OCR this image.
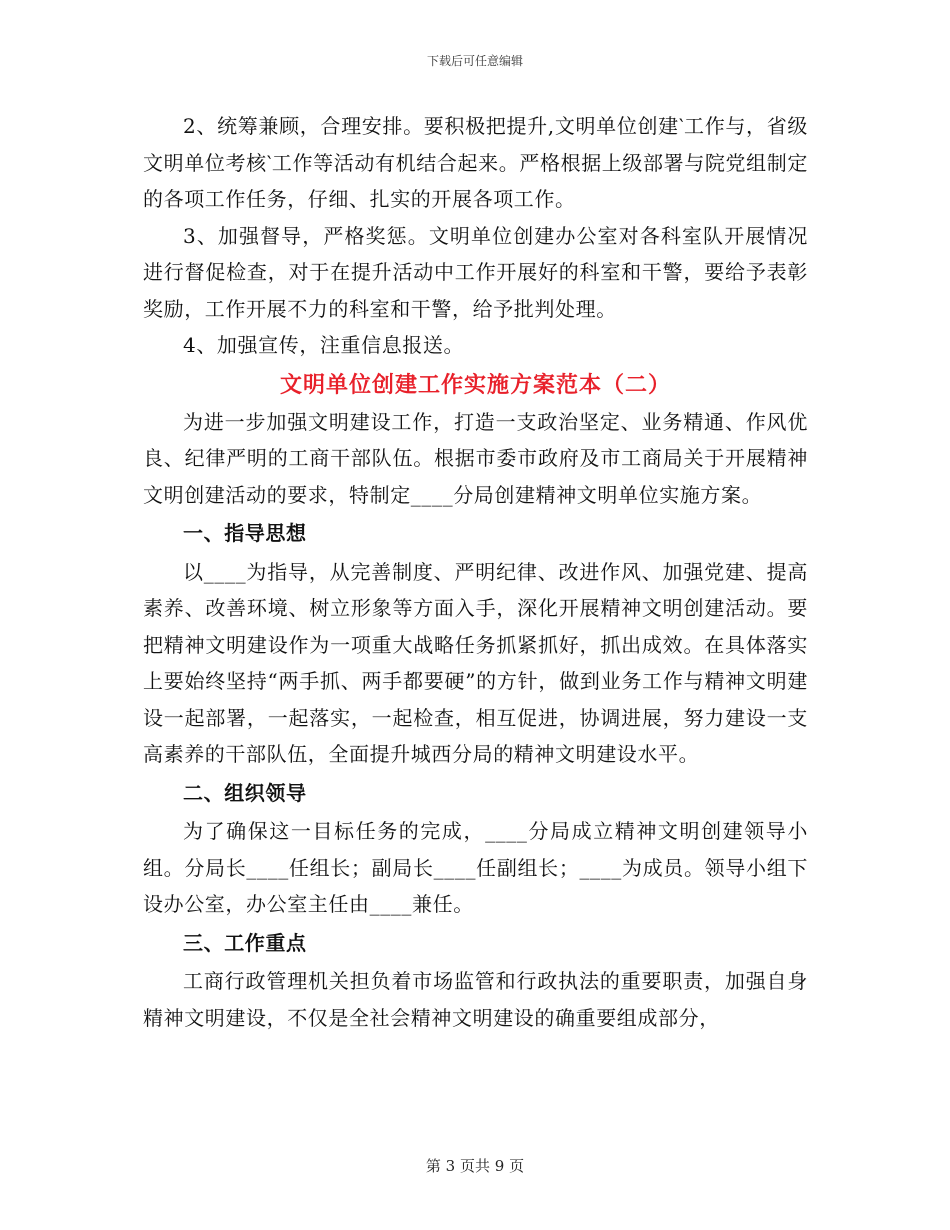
下载后可任意编辑

2、统筹兼顾，合理安排。要积极把提升,文明单位创建‵工作与，省级文明单位考核‵工作等活动有机结合起来。严格根据上级部署与院党组制定的各项工作任务，仔细、扎实的开展各项工作。

3、加强督导，严格奖惩。文明单位创建办公室对各科室队开展情况进行督促检查，对于在提升活动中工作开展好的科室和干警，要给予表彰奖励，工作开展不力的科室和干警，给予批判处理。

4、加强宣传，注重信息报送。

文明单位创建工作实施方案范本（二）

为进一步加强文明建设工作，打造一支政治坚定、业务精通、作风优良、纪律严明的工商干部队伍。根据市委市政府及市工商局关于开展精神文明创建活动的要求，特制定____分局创建精神文明单位实施方案。

一、指导思想

以____为指导，从完善制度、严明纪律、改进作风、加强党建、提高素养、改善环境、树立形象等方面入手，深化开展精神文明创建活动。要把精神文明建设作为一项重大战略任务抓紧抓好，抓出成效。在具体落实上要始终坚持“两手抓、两手都要硬”的方针，做到业务工作与精神文明建设一起部署，一起落实，一起检查，相互促进，协调进展，努力建设一支高素养的干部队伍，全面提升城西分局的精神文明建设水平。

二、组织领导

为了确保这一目标任务的完成，____分局成立精神文明创建领导小组。分局长____任组长；副局长____任副组长；____为成员。领导小组下设办公室，办公室主任由____兼任。

三、工作重点

工商行政管理机关担负着市场监管和行政执法的重要职责，加强自身精神文明建设，不仅是全社会精神文明建设的确重要组成部分，

第 3 页共 9 页
